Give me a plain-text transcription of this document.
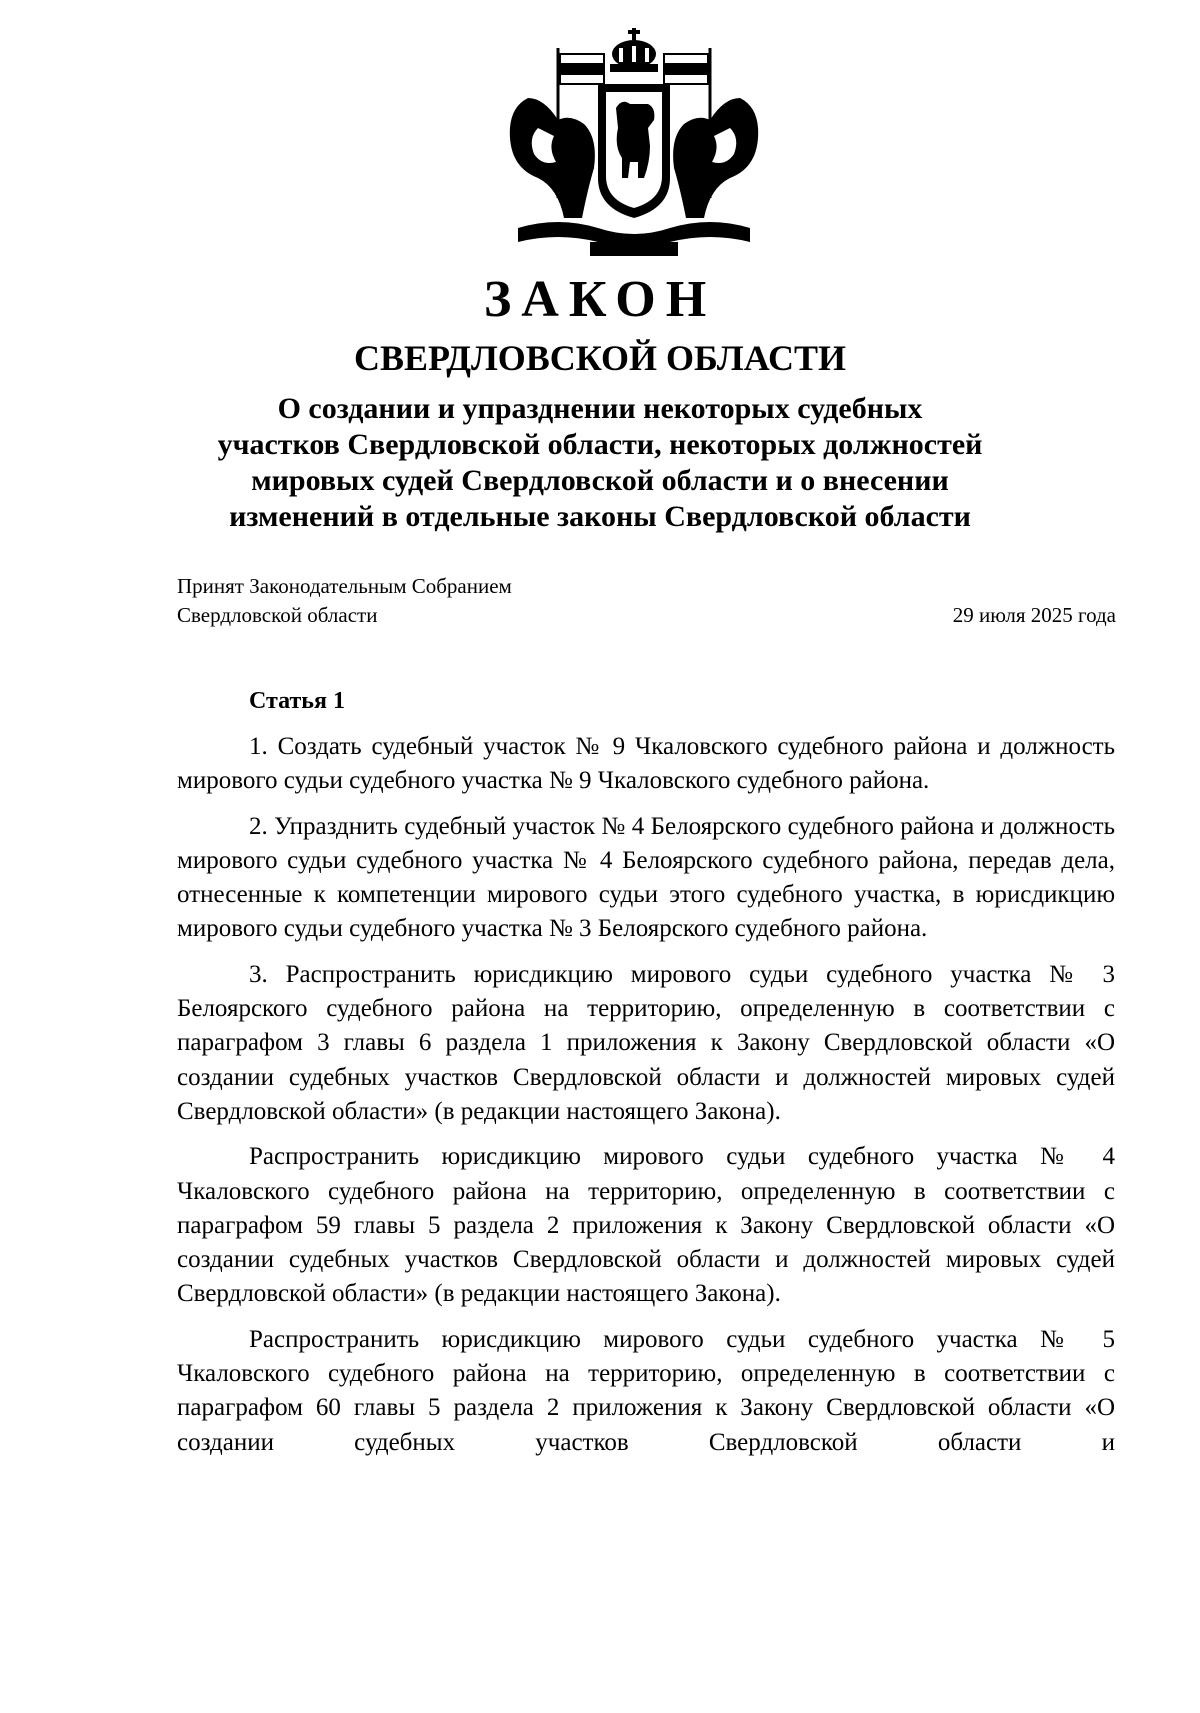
ЗАКОН
СВЕРДЛОВСКОЙ ОБЛАСТИ
О создании и упразднении некоторых судебных
участков Свердловской области, некоторых должностей
мировых судей Свердловской области и о внесении
изменений в отдельные законы Свердловской области
Принят Законодательным Собранием
Свердловской области	29 июля 2025 года
Статья 1

1. Создать судебный участок № 9 Чкаловского судебного района и должность мирового судьи судебного участка № 9 Чкаловского судебного района.

2. Упразднить судебный участок № 4 Белоярского судебного района и должность мирового судьи судебного участка № 4 Белоярского судебного района, передав дела, отнесенные к компетенции мирового судьи этого судебного участка, в юрисдикцию мирового судьи судебного участка № 3 Белоярского судебного района.

3. Распространить юрисдикцию мирового судьи судебного участка № 3 Белоярского судебного района на территорию, определенную в соответствии с параграфом 3 главы 6 раздела 1 приложения к Закону Свердловской области «О создании судебных участков Свердловской области и должностей мировых судей Свердловской области» (в редакции настоящего Закона).

Распространить юрисдикцию мирового судьи судебного участка № 4 Чкаловского судебного района на территорию, определенную в соответствии с параграфом 59 главы 5 раздела 2 приложения к Закону Свердловской области «О создании судебных участков Свердловской области и должностей мировых судей Свердловской области» (в редакции настоящего Закона).

Распространить юрисдикцию мирового судьи судебного участка № 5 Чкаловского судебного района на территорию, определенную в соответствии с параграфом 60 главы 5 раздела 2 приложения к Закону Свердловской области «О создании судебных участков Свердловской области и
